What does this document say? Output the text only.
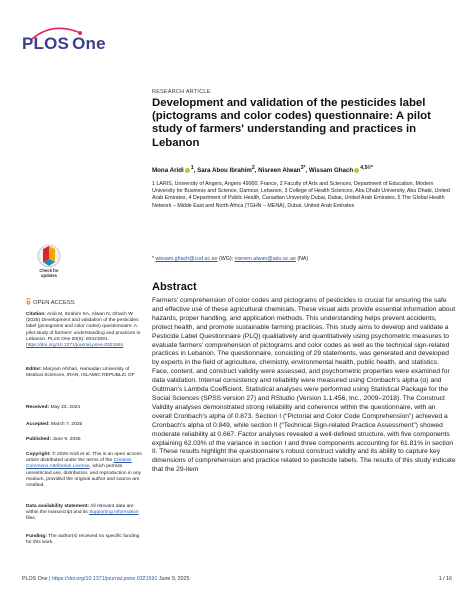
PLOS One
RESEARCH ARTICLE
Development and validation of the pesticides label (pictograms and color codes) questionnaire: A pilot study of farmers' understanding and practices in Lebanon
Mona Aridi $^1$, Sara Abou Ibrahim$^2$, Nisreen Alwan$^{3*}$, Wissam Ghach $^{4,5©*}$
1 LARIS, University of Angers, Angers 49000, France, 2 Faculty of Arts and Sciences, Department of Education, Modern University for Business and Science, Damour, Lebanon, 3 College of Health Sciences, Abu Dhabi University, Abu Dhabi, United Arab Emirates, 4 Department of Public Health, Canadian University Dubai, Dubai, United Arab Emirates, 5 The Global Health Network – Midde East and North Africa (TGHN – MENA), Dubai, United Arab Emirates
* wissam.ghach@cud.ac.ae (WG); nisreen.alwan@adu.ac.ae (NA)
Abstract
Farmers' comprehension of color codes and pictograms of pesticides is crucial for ensuring the safe and effective use of these agricultural chemicals. These visual aids provide essential information about hazards, proper handling, and application methods. This understanding helps prevent accidents, protect health, and promote sustainable farming practices. This study aims to develop and validate a Pesticide Label Questionnaire (PLQ) qualitatively and quantitatively using psychometric measures to evaluate farmers' comprehension of pictograms and color codes as well as the technical sign-related practices in Lebanon. The questionnaire, consisting of 29 statements, was generated and developed by experts in the field of agriculture, chemistry, environmental health, public health, and statistics. Face, content, and construct validity were assessed, and psychometric properties were examined for data validation. Internal consistency and reliability were measured using Cronbach's alpha (α) and Guttman's Lambda Coefficient. Statistical analyses were performed using Statistical Package for the Social Sciences (SPSS version 27) and RStudio (Version 1.1.456, Inc., 2009–2018). The Construct Validity analyses demonstrated strong reliability and coherence within the questionnaire, with an overall Cronbach's alpha of 0.873. Section I (“Pictorial and Color Code Comprehension”) achieved a Cronbach's alpha of 0.849, while section II (“Technical Sign-related Practice Assessment”) showed moderate reliability at 0.667. Factor analyses revealed a well-defined structure, with five components explaining 62.03% of the variance in section I and three components accounting for 61.81% in section II. These results highlight the questionnaire's robust construct validity and its ability to capture key dimensions of comprehension and practice related to pesticide labels. The results of this study indicate that the 29-item
Check for
updates
OPEN ACCESS
Citation: Aridi M, Ibrahim SA, Alwan N, Ghach W (2025) Development and validation of the pesticides label (pictograms and color codes) questionnaire: A pilot study of farmers' understanding and practices in Lebanon. PLoS One 20(6): e0321591. https://doi.org/10.1371/journal.pone.0321591
Editor: Maryam Afshari, Hamadan University of Medical Sciences, IRAN, ISLAMIC REPUBLIC OF
Received: May 23, 2024
Accepted: March 7, 2025
Published: June 9, 2025
Copyright: © 2025 Aridi et al. This is an open access article distributed under the terms of the Creative Commons Attribution License, which permits unrestricted use, distribution, and reproduction in any medium, provided the original author and source are credited.
Data availability statement: All relevant data are within the manuscript and its Supporting Information files.
Funding: The author(s) received no specific funding for this work.
PLOS One | https://doi.org/10.1371/journal.pone.0321591 June 9, 2025	1 / 16
